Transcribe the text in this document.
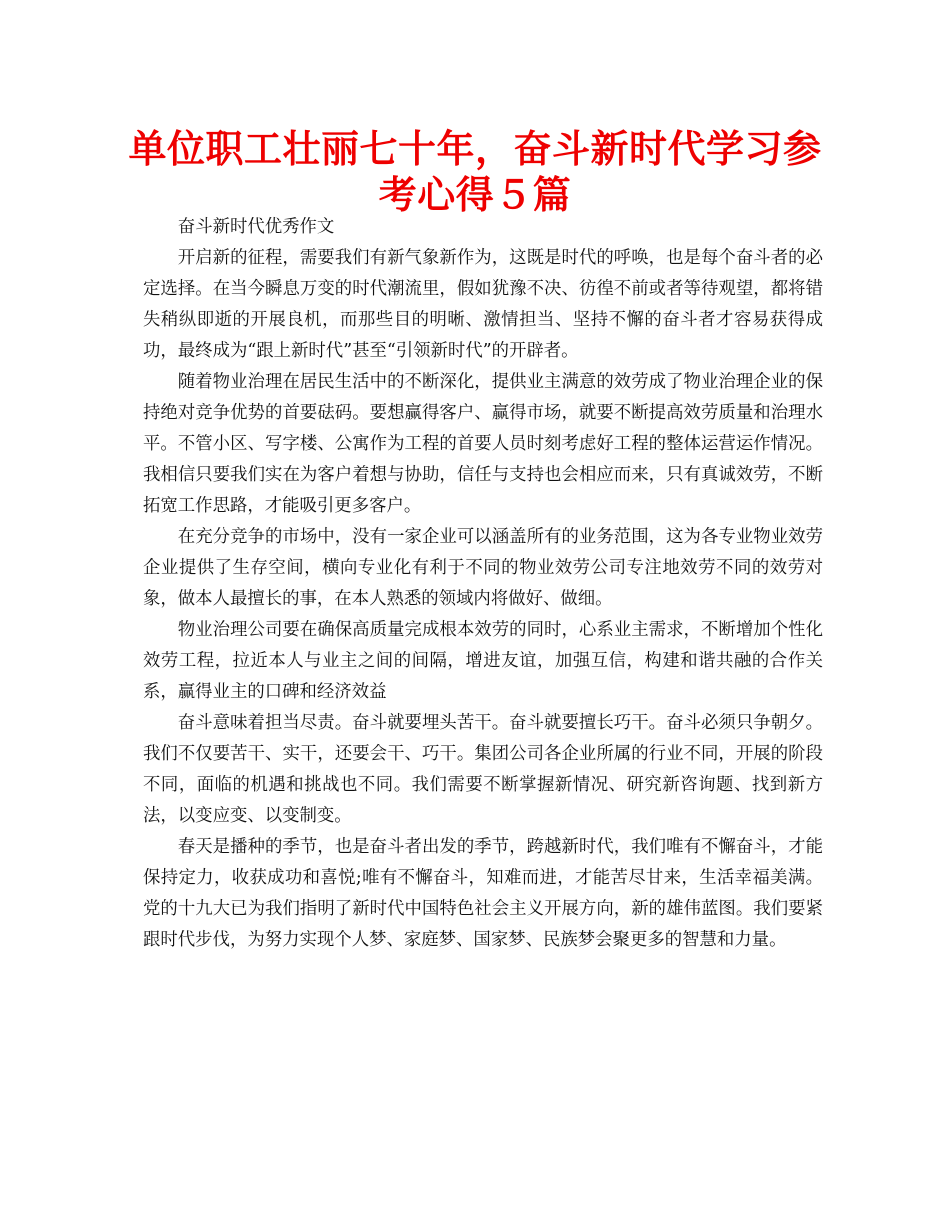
单位职工壮丽七十年，奋斗新时代学习参考心得５篇

奋斗新时代优秀作文

开启新的征程，需要我们有新气象新作为，这既是时代的呼唤，也是每个奋斗者的必定选择。在当今瞬息万变的时代潮流里，假如犹豫不决、彷徨不前或者等待观望，都将错失稍纵即逝的开展良机，而那些目的明晰、激情担当、坚持不懈的奋斗者才容易获得成功，最终成为“跟上新时代”甚至“引领新时代”的开辟者。

随着物业治理在居民生活中的不断深化，提供业主满意的效劳成了物业治理企业的保持绝对竞争优势的首要砝码。要想赢得客户、赢得市场，就要不断提高效劳质量和治理水平。不管小区、写字楼、公寓作为工程的首要人员时刻考虑好工程的整体运营运作情况。我相信只要我们实在为客户着想与协助，信任与支持也会相应而来，只有真诚效劳，不断拓宽工作思路，才能吸引更多客户。

在充分竞争的市场中，没有一家企业可以涵盖所有的业务范围，这为各专业物业效劳企业提供了生存空间，横向专业化有利于不同的物业效劳公司专注地效劳不同的效劳对象，做本人最擅长的事，在本人熟悉的领域内将做好、做细。

物业治理公司要在确保高质量完成根本效劳的同时，心系业主需求，不断增加个性化效劳工程，拉近本人与业主之间的间隔，增进友谊，加强互信，构建和谐共融的合作关系，赢得业主的口碑和经济效益

奋斗意味着担当尽责。奋斗就要埋头苦干。奋斗就要擅长巧干。奋斗必须只争朝夕。我们不仅要苦干、实干，还要会干、巧干。集团公司各企业所属的行业不同，开展的阶段不同，面临的机遇和挑战也不同。我们需要不断掌握新情况、研究新咨询题、找到新方法，以变应变、以变制变。

春天是播种的季节，也是奋斗者出发的季节，跨越新时代，我们唯有不懈奋斗，才能保持定力，收获成功和喜悦;唯有不懈奋斗，知难而进，才能苦尽甘来，生活幸福美满。党的十九大已为我们指明了新时代中国特色社会主义开展方向，新的雄伟蓝图。我们要紧跟时代步伐，为努力实现个人梦、家庭梦、国家梦、民族梦会聚更多的智慧和力量。
